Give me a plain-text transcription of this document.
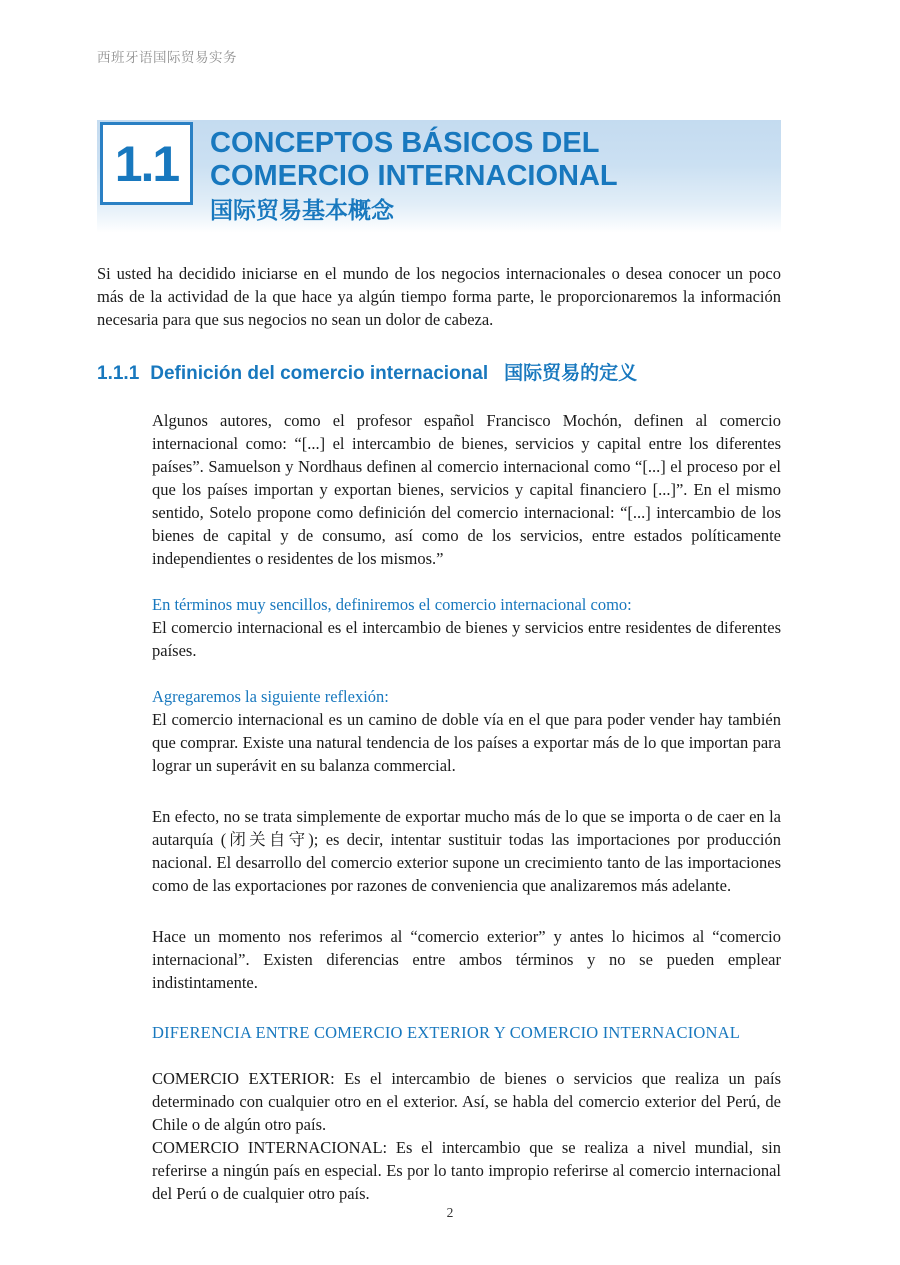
西班牙语国际贸易实务
1.1 CONCEPTOS BÁSICOS DEL
COMERCIO INTERNACIONAL
国际贸易基本概念

Si usted ha decidido iniciarse en el mundo de los negocios internacionales o desea conocer un poco más de la actividad de la que hace ya algún tiempo forma parte, le proporcionaremos la información necesaria para que sus negocios no sean un dolor de cabeza.

1.1.1 Definición del comercio internacional 国际贸易的定义

Algunos autores, como el profesor español Francisco Mochón, definen al comercio internacional como: “[...] el intercambio de bienes, servicios y capital entre los diferentes países”. Samuelson y Nordhaus definen al comercio internacional como “[...] el proceso por el que los países importan y exportan bienes, servicios y capital financiero [...]”. En el mismo sentido, Sotelo propone como definición del comercio internacional: “[...] intercambio de los bienes de capital y de consumo, así como de los servicios, entre estados políticamente independientes o residentes de los mismos.”

En términos muy sencillos, definiremos el comercio internacional como:

El comercio internacional es el intercambio de bienes y servicios entre residentes de diferentes países.

Agregaremos la siguiente reflexión:

El comercio internacional es un camino de doble vía en el que para poder vender hay también que comprar. Existe una natural tendencia de los países a exportar más de lo que importan para lograr un superávit en su balanza commercial.

En efecto, no se trata simplemente de exportar mucho más de lo que se importa o de caer en la autarquía (闭关自守); es decir, intentar sustituir todas las importaciones por producción nacional. El desarrollo del comercio exterior supone un crecimiento tanto de las importaciones como de las exportaciones por razones de conveniencia que analizaremos más adelante.

Hace un momento nos referimos al “comercio exterior” y antes lo hicimos al “comercio internacional”. Existen diferencias entre ambos términos y no se pueden emplear indistintamente.

DIFERENCIA ENTRE COMERCIO EXTERIOR Y COMERCIO INTERNACIONAL

COMERCIO EXTERIOR: Es el intercambio de bienes o servicios que realiza un país determinado con cualquier otro en el exterior. Así, se habla del comercio exterior del Perú, de Chile o de algún otro país.

COMERCIO INTERNACIONAL: Es el intercambio que se realiza a nivel mundial, sin referirse a ningún país en especial. Es por lo tanto impropio referirse al comercio internacional del Perú o de cualquier otro país.

2
